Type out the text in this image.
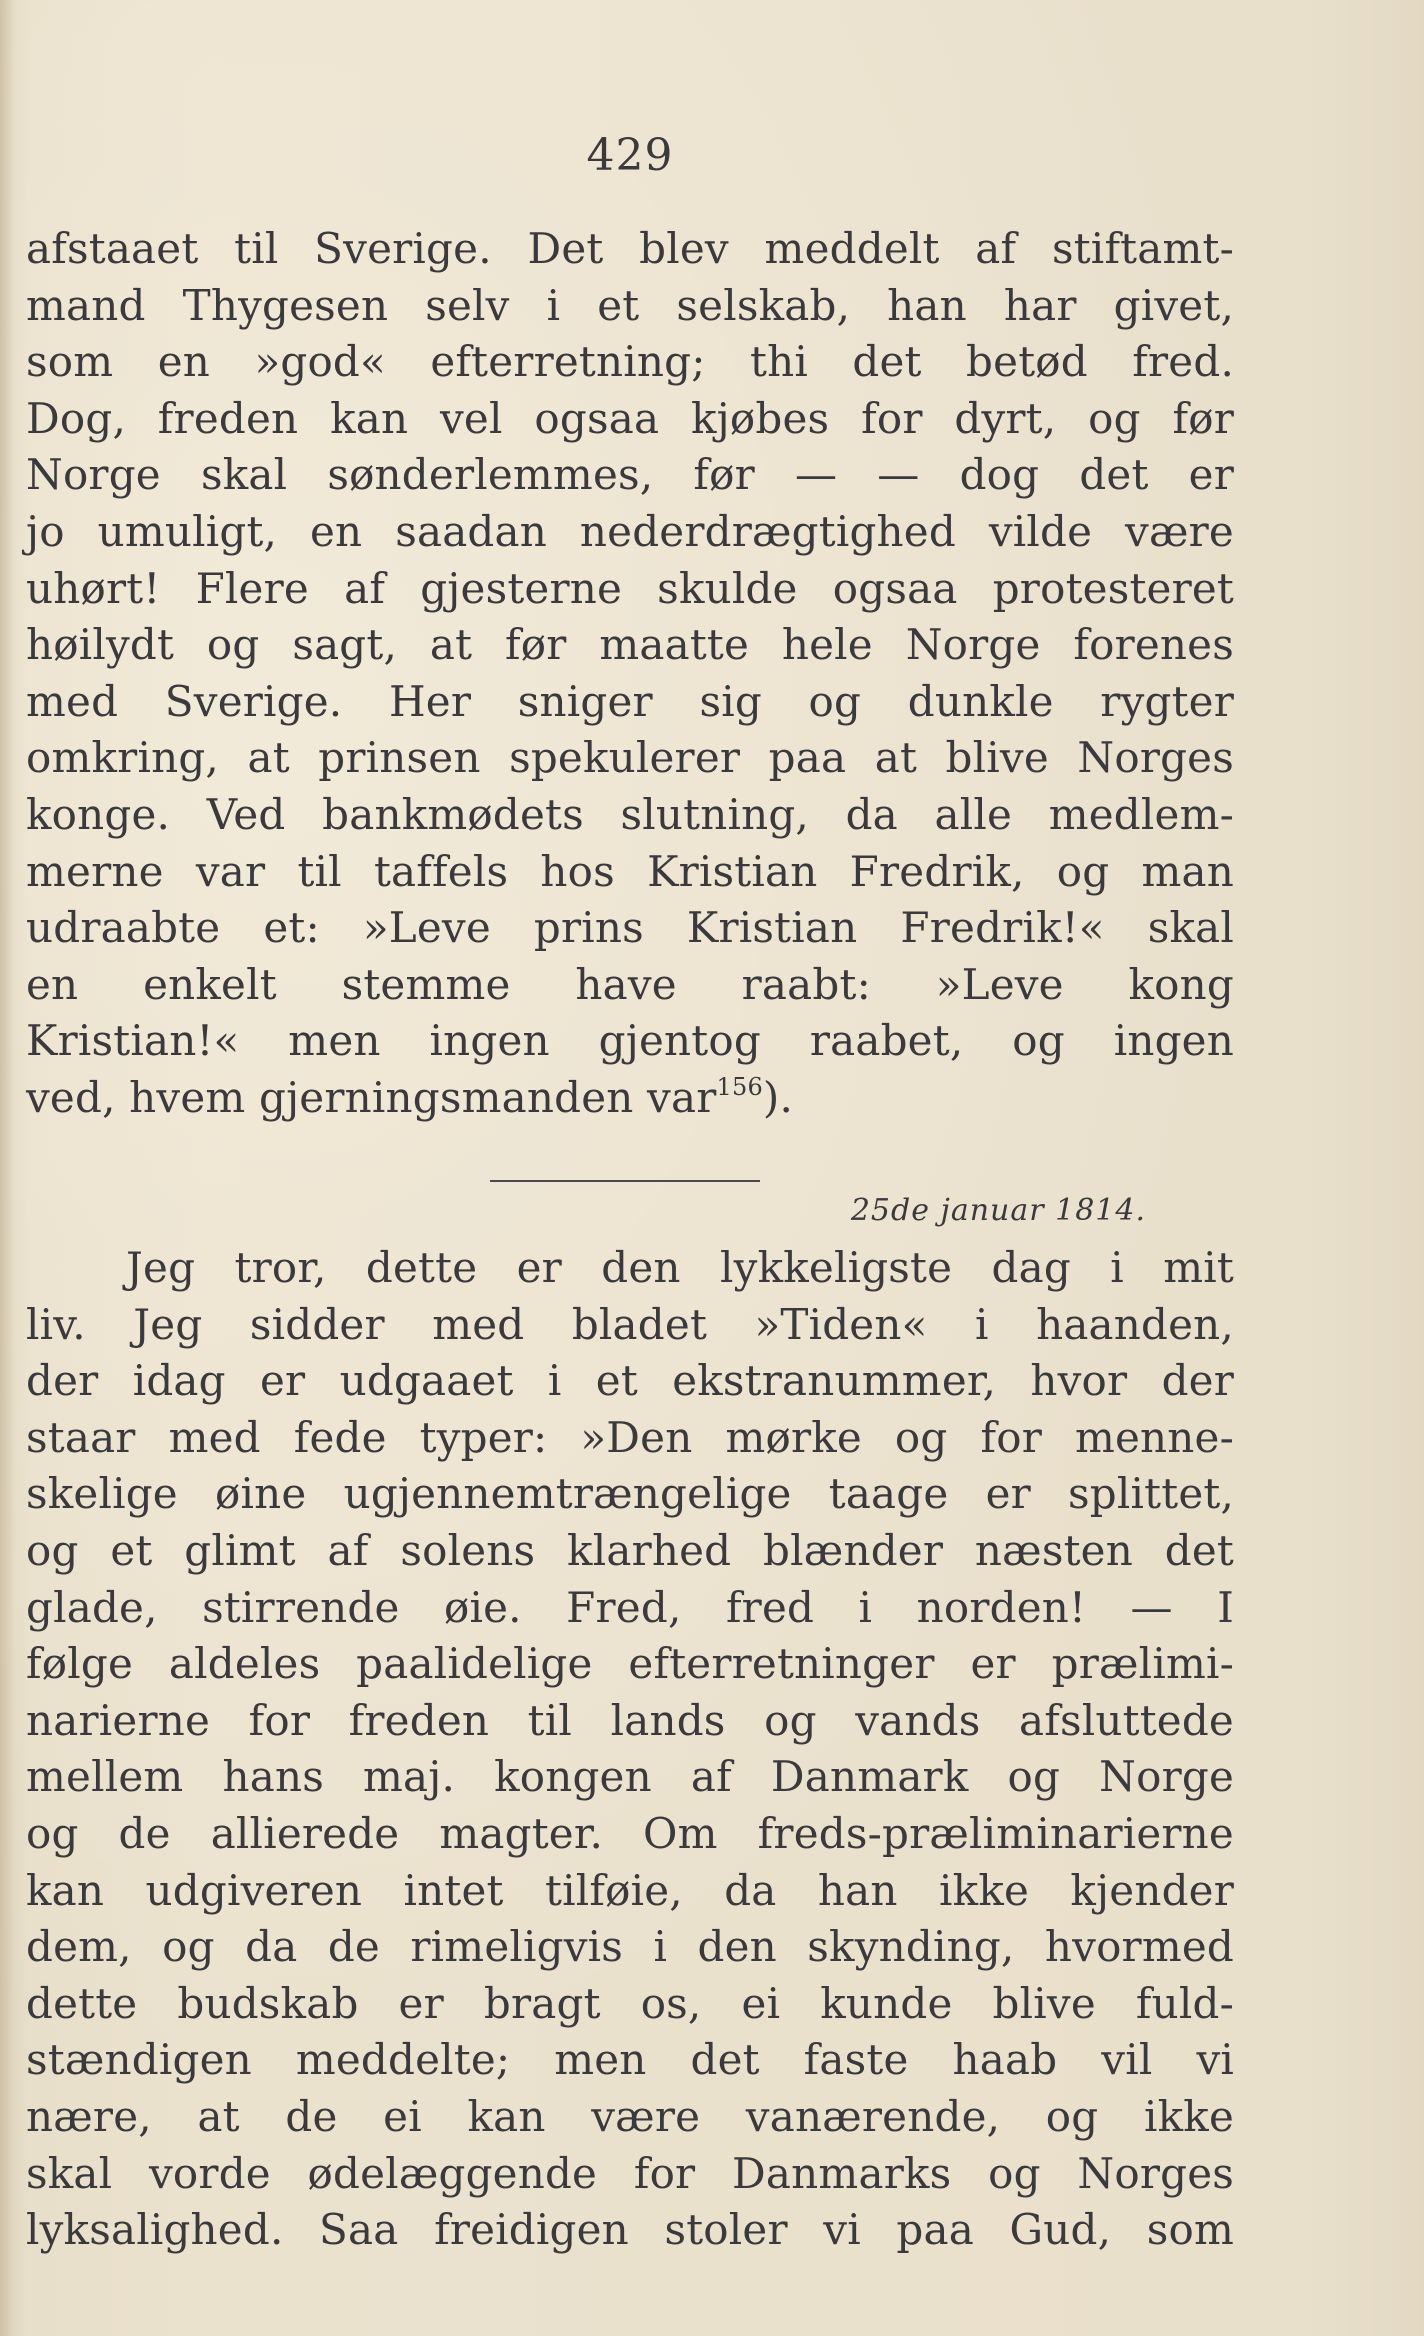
429
afstaaet til Sverige. Det blev meddelt af stiftamt-
mand Thygesen selv i et selskab, han har givet,
som en »god« efterretning; thi det betød fred.
Dog, freden kan vel ogsaa kjøbes for dyrt, og før
Norge skal sønderlemmes, før — — dog det er
jo umuligt, en saadan nederdrægtighed vilde være
uhørt! Flere af gjesterne skulde ogsaa protesteret
høilydt og sagt, at før maatte hele Norge forenes
med Sverige. Her sniger sig og dunkle rygter
omkring, at prinsen spekulerer paa at blive Norges
konge. Ved bankmødets slutning, da alle medlem-
merne var til taffels hos Kristian Fredrik, og man
udraabte et: »Leve prins Kristian Fredrik!« skal
en enkelt stemme have raabt: »Leve kong
Kristian!« men ingen gjentog raabet, og ingen
ved, hvem gjerningsmanden var$^{156}$).
25de januar 1814.
Jeg tror, dette er den lykkeligste dag i mit
liv. Jeg sidder med bladet »Tiden« i haanden,
der idag er udgaaet i et ekstranummer, hvor der
staar med fede typer: »Den mørke og for menne-
skelige øine ugjennemtrængelige taage er splittet,
og et glimt af solens klarhed blænder næsten det
glade, stirrende øie. Fred, fred i norden! — I
følge aldeles paalidelige efterretninger er prælimi-
narierne for freden til lands og vands afsluttede
mellem hans maj. kongen af Danmark og Norge
og de allierede magter. Om freds-præliminarierne
kan udgiveren intet tilføie, da han ikke kjender
dem, og da de rimeligvis i den skynding, hvormed
dette budskab er bragt os, ei kunde blive fuld-
stændigen meddelte; men det faste haab vil vi
nære, at de ei kan være vanærende, og ikke
skal vorde ødelæggende for Danmarks og Norges
lyksalighed. Saa freidigen stoler vi paa Gud, som
